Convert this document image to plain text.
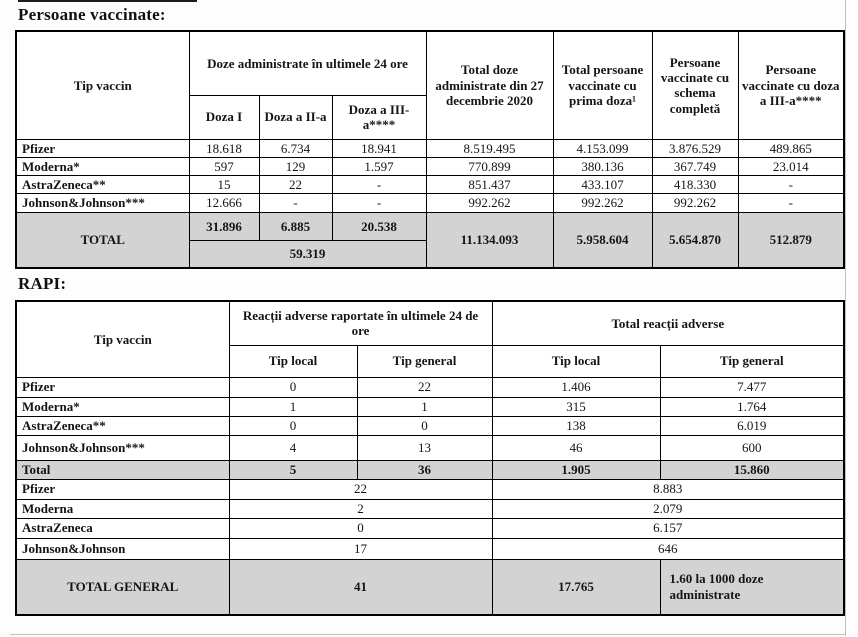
Persoane vaccinate:
Tip vaccin	Doze administrate în ultimele 24 ore			Total doze administrate din 27 decembrie 2020	Total persoane vaccinate cu prima doza¹	Persoane vaccinate cu schema completă	Persoane vaccinate cu doza a III-a****
	Doza I	Doza a II-a	Doza a III-a****				
Pfizer	18.618	6.734	18.941	8.519.495	4.153.099	3.876.529	489.865
Moderna*	597	129	1.597	770.899	380.136	367.749	23.014
AstraZeneca**	15	22	-	851.437	433.107	418.330	-
Johnson&Johnson***	12.666	-	-	992.262	992.262	992.262	-
TOTAL	31.896	6.885	20.538	11.134.093	5.958.604	5.654.870	512.879
	59.319						
RAPI:
Tip vaccin	Reacții adverse raportate în ultimele 24 de ore		Total reacții adverse	
	Tip local	Tip general	Tip local	Tip general
Pfizer	0	22	1.406	7.477
Moderna*	1	1	315	1.764
AstraZeneca**	0	0	138	6.019
Johnson&Johnson***	4	13	46	600
Total	5	36	1.905	15.860
Pfizer	22		8.883	
Moderna	2		2.079	
AstraZeneca	0		6.157	
Johnson&Johnson	17		646	
TOTAL GENERAL	41		17.765	1.60 la 1000 doze administrate
